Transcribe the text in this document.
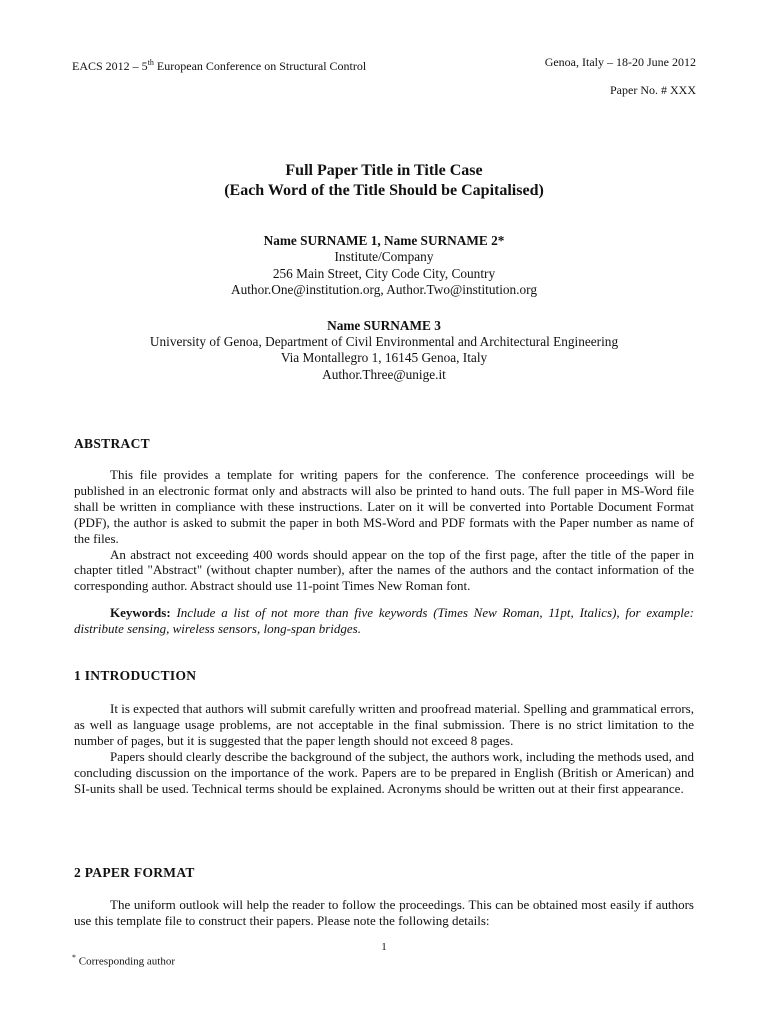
EACS 2012 – 5th European Conference on Structural Control	Genoa, Italy – 18-20 June 2012
Paper No. # XXX
Full Paper Title in Title Case
(Each Word of the Title Should be Capitalised)
Name SURNAME 1, Name SURNAME 2*
Institute/Company
256 Main Street, City Code City, Country
Author.One@institution.org, Author.Two@institution.org
Name SURNAME 3
University of Genoa, Department of Civil Environmental and Architectural Engineering
Via Montallegro 1, 16145 Genoa, Italy
Author.Three@unige.it
ABSTRACT

This file provides a template for writing papers for the conference. The conference proceedings will be published in an electronic format only and abstracts will also be printed to hand outs. The full paper in MS-Word file shall be written in compliance with these instructions. Later on it will be converted into Portable Document Format (PDF), the author is asked to submit the paper in both MS-Word and PDF formats with the Paper number as name of the files.

An abstract not exceeding 400 words should appear on the top of the first page, after the title of the paper in chapter titled "Abstract" (without chapter number), after the names of the authors and the contact information of the corresponding author. Abstract should use 11-point Times New Roman font.

Keywords: Include a list of not more than five keywords (Times New Roman, 11pt, Italics), for example: distribute sensing, wireless sensors, long-span bridges.
1 INTRODUCTION

It is expected that authors will submit carefully written and proofread material. Spelling and grammatical errors, as well as language usage problems, are not acceptable in the final submission. There is no strict limitation to the number of pages, but it is suggested that the paper length should not exceed 8 pages.

Papers should clearly describe the background of the subject, the authors work, including the methods used, and concluding discussion on the importance of the work. Papers are to be prepared in English (British or American) and SI-units shall be used. Technical terms should be explained. Acronyms should be written out at their first appearance.

2 PAPER FORMAT

The uniform outlook will help the reader to follow the proceedings. This can be obtained most easily if authors use this template file to construct their papers. Please note the following details:

1
* Corresponding author
